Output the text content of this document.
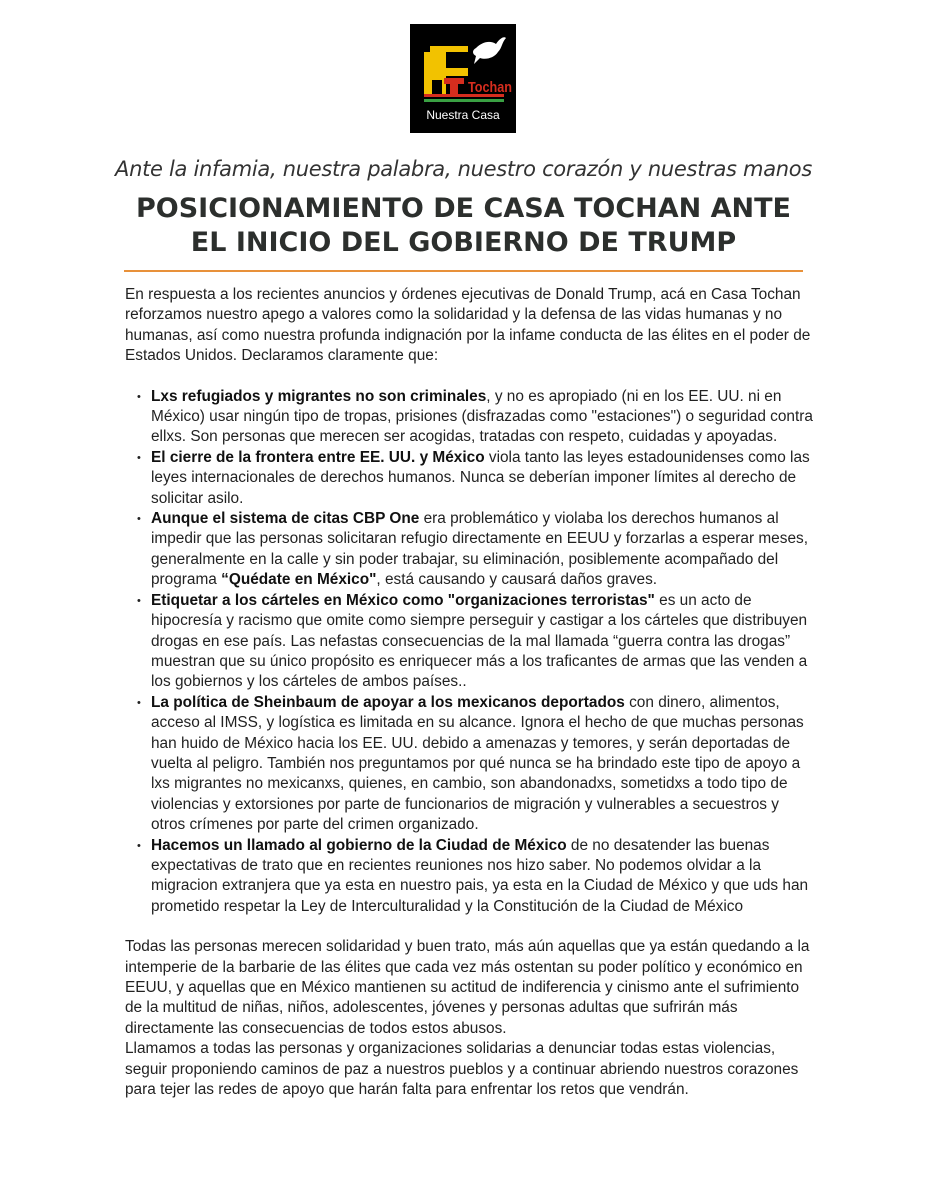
Tochan
Nuestra Casa
Ante la infamia, nuestra palabra, nuestro corazón y nuestras manos
POSICIONAMIENTO DE CASA TOCHAN ANTE
EL INICIO DEL GOBIERNO DE TRUMP

En respuesta a los recientes anuncios y órdenes ejecutivas de Donald Trump, acá en Casa Tochan reforzamos nuestro apego a valores como la solidaridad y la defensa de las vidas humanas y no humanas, así como nuestra profunda indignación por la infame conducta de las élites en el poder de Estados Unidos. Declaramos claramente que:

• Lxs refugiados y migrantes no son criminales, y no es apropiado (ni en los EE. UU. ni en México) usar ningún tipo de tropas, prisiones (disfrazadas como "estaciones") o seguridad contra ellxs. Son personas que merecen ser acogidas, tratadas con respeto, cuidadas y apoyadas.
• El cierre de la frontera entre EE. UU. y México viola tanto las leyes estadounidenses como las leyes internacionales de derechos humanos. Nunca se deberían imponer límites al derecho de solicitar asilo.
• Aunque el sistema de citas CBP One era problemático y violaba los derechos humanos al impedir que las personas solicitaran refugio directamente en EEUU y forzarlas a esperar meses, generalmente en la calle y sin poder trabajar, su eliminación, posiblemente acompañado del programa “Quédate en México", está causando y causará daños graves.
• Etiquetar a los cárteles en México como "organizaciones terroristas" es un acto de hipocresía y racismo que omite como siempre perseguir y castigar a los cárteles que distribuyen drogas en ese país. Las nefastas consecuencias de la mal llamada “guerra contra las drogas” muestran que su único propósito es enriquecer más a los traficantes de armas que las venden a los gobiernos y los cárteles de ambos países..
• La política de Sheinbaum de apoyar a los mexicanos deportados con dinero, alimentos, acceso al IMSS, y logística es limitada en su alcance. Ignora el hecho de que muchas personas han huido de México hacia los EE. UU. debido a amenazas y temores, y serán deportadas de vuelta al peligro. También nos preguntamos por qué nunca se ha brindado este tipo de apoyo a lxs migrantes no mexicanxs, quienes, en cambio, son abandonadxs, sometidxs a todo tipo de violencias y extorsiones por parte de funcionarios de migración y vulnerables a secuestros y otros crímenes por parte del crimen organizado.
• Hacemos un llamado al gobierno de la Ciudad de México de no desatender las buenas expectativas de trato que en recientes reuniones nos hizo saber. No podemos olvidar a la migracion extranjera que ya esta en nuestro pais, ya esta en la Ciudad de México y que uds han prometido respetar la Ley de Interculturalidad y la Constitución de la Ciudad de México

Todas las personas merecen solidaridad y buen trato, más aún aquellas que ya están quedando a la intemperie de la barbarie de las élites que cada vez más ostentan su poder político y económico en EEUU, y aquellas que en México mantienen su actitud de indiferencia y cinismo ante el sufrimiento de la multitud de niñas, niños, adolescentes, jóvenes y personas adultas que sufrirán más directamente las consecuencias de todos estos abusos.

Llamamos a todas las personas y organizaciones solidarias a denunciar todas estas violencias, seguir proponiendo caminos de paz a nuestros pueblos y a continuar abriendo nuestros corazones para tejer las redes de apoyo que harán falta para enfrentar los retos que vendrán.
